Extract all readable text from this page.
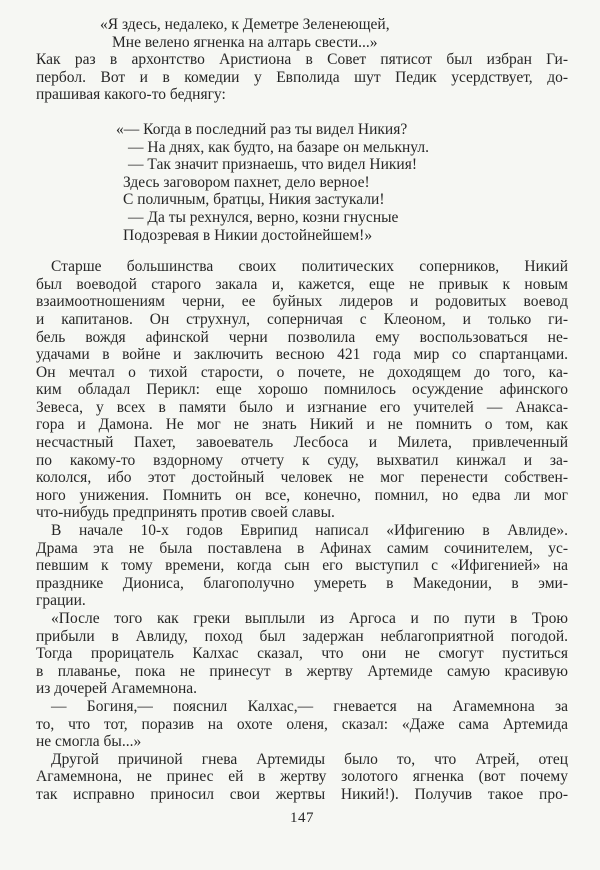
«Я здесь, недалеко, к Деметре Зеленеющей,
Мне велено ягненка на алтарь свести...»
Как раз в архонтство Аристиона в Совет пятисот был избран Ги-
пербол. Вот и в комедии у Евполида шут Педик усердствует, до-
прашивая какого-то беднягу:
«— Когда в последний раз ты видел Никия?
— На днях, как будто, на базаре он мелькнул.
— Так значит признаешь, что видел Никия!
Здесь заговором пахнет, дело верное!
С поличным, братцы, Никия застукали!
— Да ты рехнулся, верно, козни гнусные
Подозревая в Никии достойнейшем!»
Старше большинства своих политических соперников, Никий
был воеводой старого закала и, кажется, еще не привык к новым
взаимоотношениям черни, ее буйных лидеров и родовитых воевод
и капитанов. Он струхнул, соперничая с Клеоном, и только ги-
бель вождя афинской черни позволила ему воспользоваться не-
удачами в войне и заключить весною 421 года мир со спартанцами.
Он мечтал о тихой старости, о почете, не доходящем до того, ка-
ким обладал Перикл: еще хорошо помнилось осуждение афинского
Зевеса, у всех в памяти было и изгнание его учителей — Анакса-
гора и Дамона. Не мог не знать Никий и не помнить о том, как
несчастный Пахет, завоеватель Лесбоса и Милета, привлеченный
по какому-то вздорному отчету к суду, выхватил кинжал и за-
кололся, ибо этот достойный человек не мог перенести собствен-
ного унижения. Помнить он все, конечно, помнил, но едва ли мог
что-нибудь предпринять против своей славы.
В начале 10-х годов Еврипид написал «Ифигению в Авлиде».
Драма эта не была поставлена в Афинах самим сочинителем, ус-
певшим к тому времени, когда сын его выступил с «Ифигенией» на
празднике Диониса, благополучно умереть в Македонии, в эми-
грации.
«После того как греки выплыли из Аргоса и по пути в Трою
прибыли в Авлиду, поход был задержан неблагоприятной погодой.
Тогда прорицатель Калхас сказал, что они не смогут пуститься
в плаванье, пока не принесут в жертву Артемиде самую красивую
из дочерей Агамемнона.
— Богиня,— пояснил Калхас,— гневается на Агамемнона за
то, что тот, поразив на охоте оленя, сказал: «Даже сама Артемида
не смогла бы...»
Другой причиной гнева Артемиды было то, что Атрей, отец
Агамемнона, не принес ей в жертву золотого ягненка (вот почему
так исправно приносил свои жертвы Никий!). Получив такое про-
147
